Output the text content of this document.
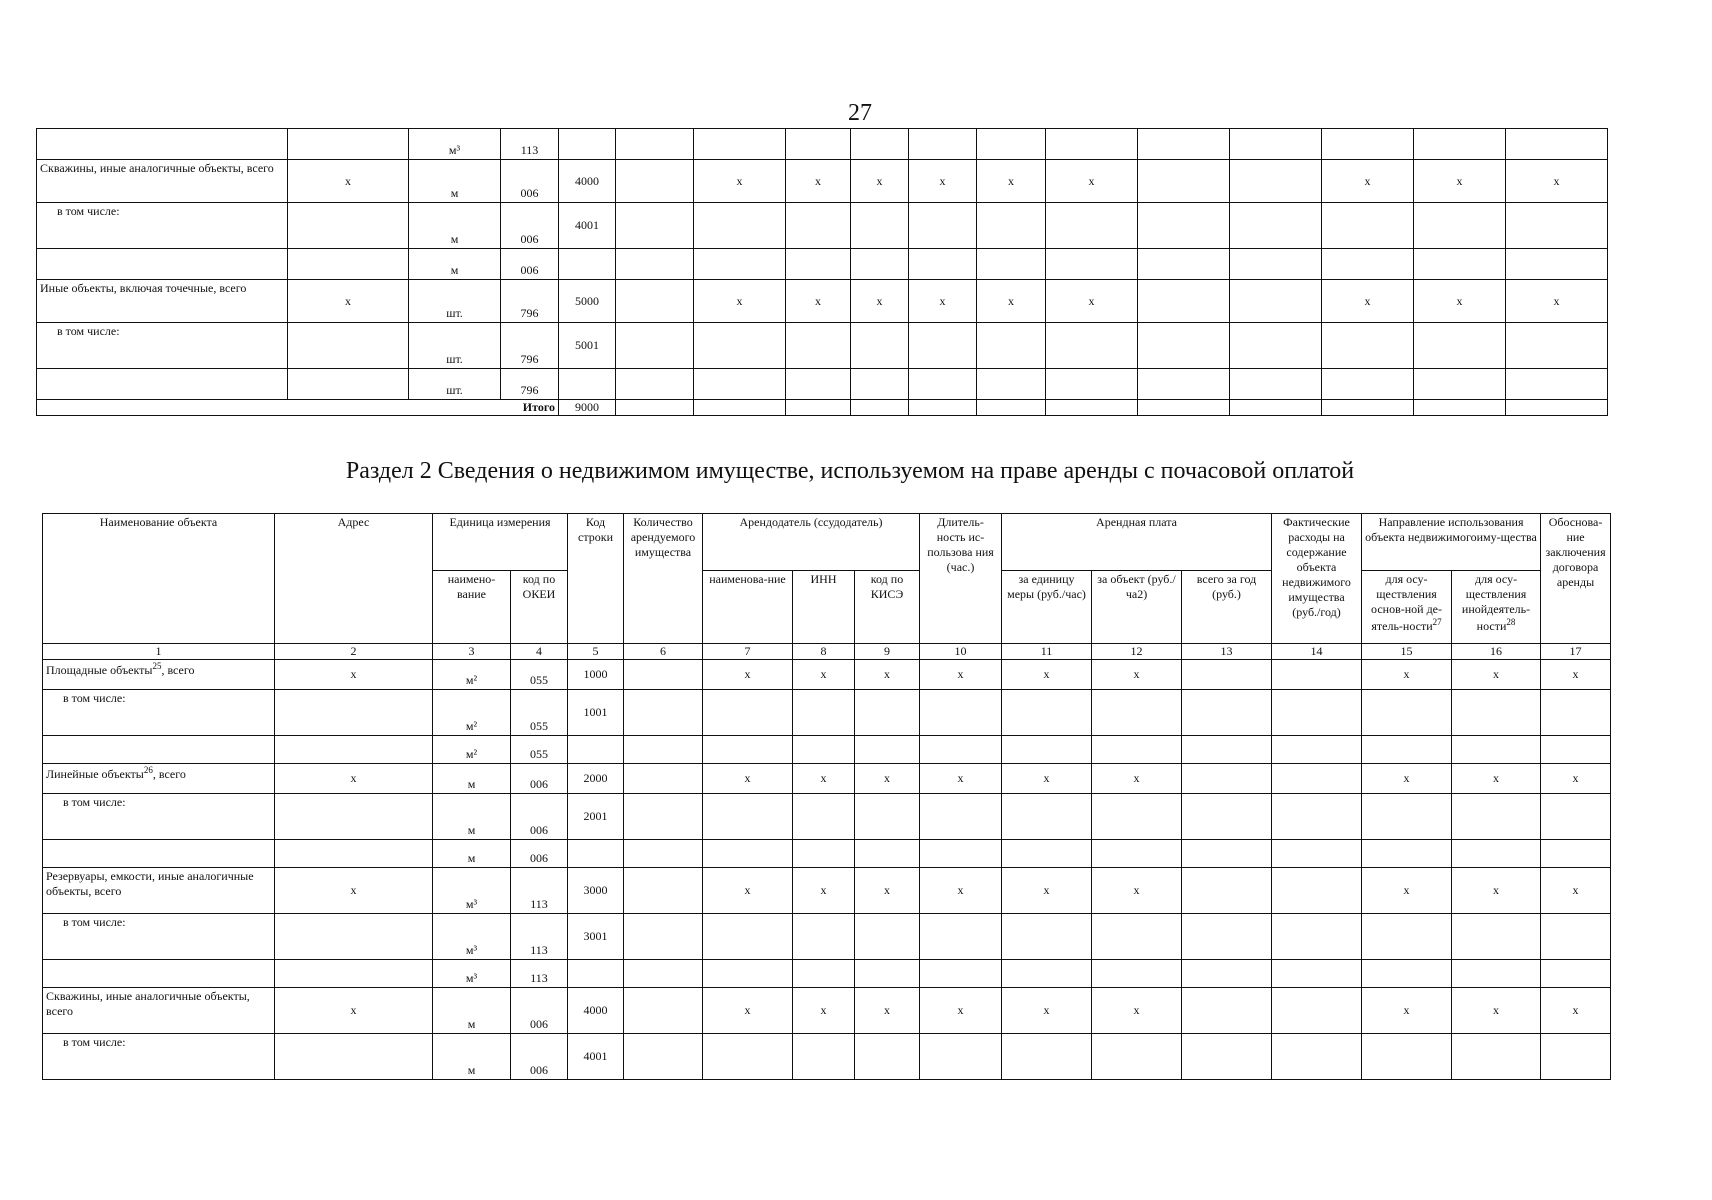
27
		м³	113													
Скважины, иные аналогичные объекты, всего	x	м	006	4000		x	x	x	x	x	x			x	x	x
в том числе:		м	006	4001												
		м	006													
Иные объекты, включая точечные, всего	x	шт.	796	5000		x	x	x	x	x	x			x	x	x
в том числе:		шт.	796	5001												
		шт.	796													
Итого				9000												
Раздел 2 Сведения о недвижимом имуществе, используемом на праве аренды с почасовой оплатой
Наименование объекта	Адрес	Единица измерения		Код строки	Количество арендуемого имущества	Арендодатель (ссудодатель)			Длитель-ность ис-пользова ния (час.)	Арендная плата			Фактические расходы на содержание объекта недвижимого имущества (руб./год)	Направление использования объекта недвижимогоиму-щества		Обоснова-ние заключения договора аренды
		наимено-вание	код по ОКЕИ			наименова-ние	ИНН	код по КИСЭ		за единицу меры (руб./час)	за объект (руб./ча2)	всего за год (руб.)		для осу-ществления основ-ной де-ятель-ности$^{27}$	для осу-ществления инойдеятель-ности$^{28}$
1	2	3	4	5	6	7	8	9	10	11	12	13	14	15	16	17
Площадные объекты$^{25}$, всего	x	м²	055	1000		x	x	x	x	x	x			x	x	x
в том числе:		м²	055	1001												
		м²	055													
Линейные объекты$^{26}$, всего	x	м	006	2000		x	x	x	x	x	x			x	x	x
в том числе:		м	006	2001												
		м	006													
Резервуары, емкости, иные аналогичные объекты, всего	x	м³	113	3000		x	x	x	x	x	x			x	x	x
в том числе:		м³	113	3001												
		м³	113													
Скважины, иные аналогичные объекты, всего	x	м	006	4000		x	x	x	x	x	x			x	x	x
в том числе:		м	006	4001												
